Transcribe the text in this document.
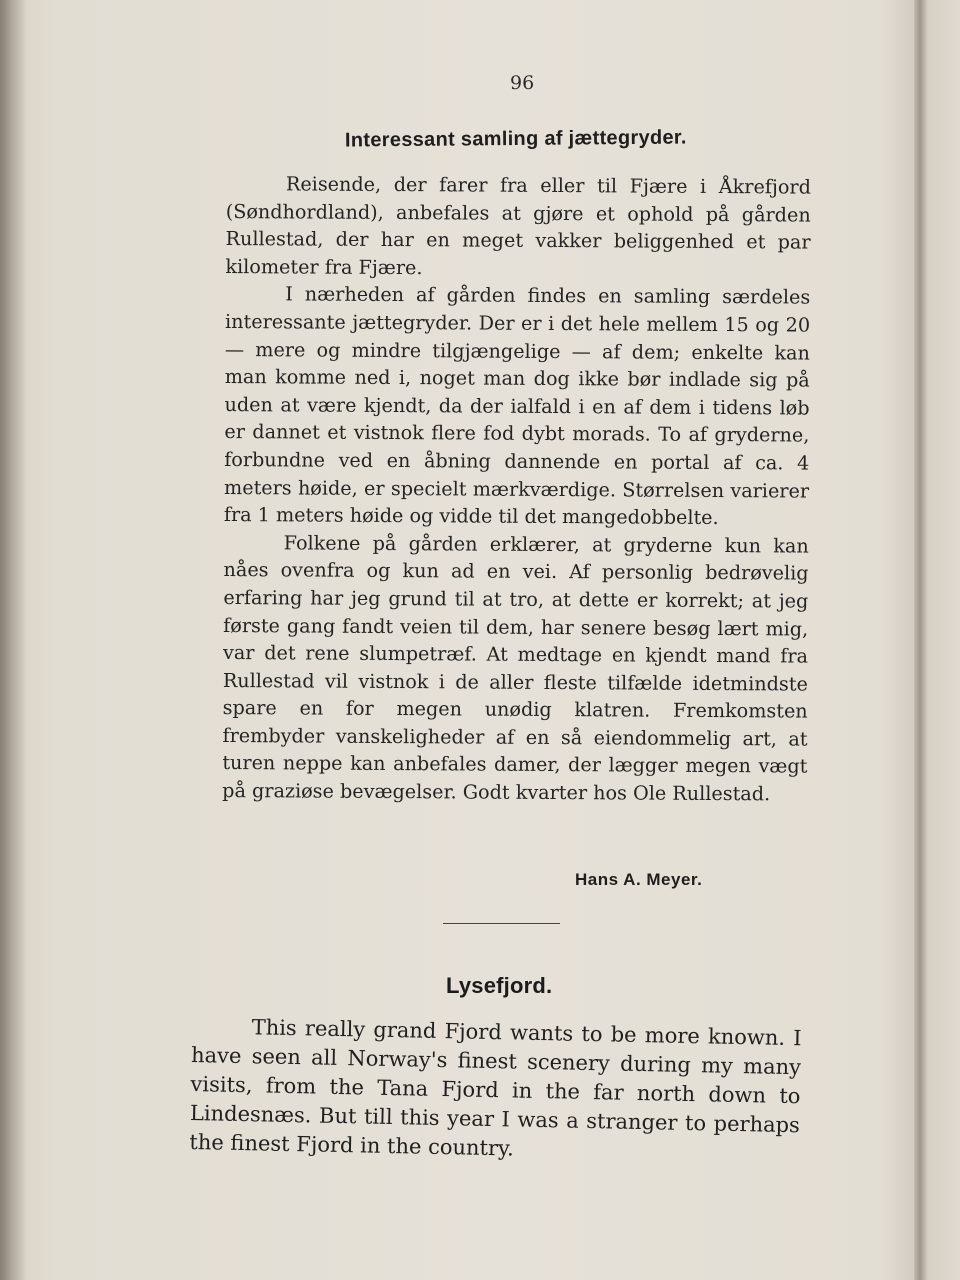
96
Interessant samling af jættegryder.

Reisende, der farer fra eller til Fjære i Åkrefjord (Søndhordland), anbefales at gjøre et ophold på gården Rullestad, der har en meget vakker beliggenhed et par kilometer fra Fjære.

I nærheden af gården findes en samling særdeles interessante jættegryder. Der er i det hele mellem 15 og 20 — mere og mindre tilgjængelige — af dem; enkelte kan man komme ned i, noget man dog ikke bør indlade sig på uden at være kjendt, da der ialfald i en af dem i tidens løb er dannet et vistnok flere fod dybt morads. To af gryderne, forbundne ved en åbning dannende en portal af ca. 4 meters høide, er specielt mærkværdige. Størrelsen varierer fra 1 meters høide og vidde til det mangedobbelte.

Folkene på gården erklærer, at gryderne kun kan nåes ovenfra og kun ad en vei. Af personlig bedrøvelig erfaring har jeg grund til at tro, at dette er korrekt; at jeg første gang fandt veien til dem, har senere besøg lært mig, var det rene slumpetræf. At medtage en kjendt mand fra Rullestad vil vistnok i de aller fleste tilfælde idetmindste spare en for megen unødig klatren. Fremkomsten frembyder vanskeligheder af en så eiendommelig art, at turen neppe kan anbefales damer, der lægger megen vægt på graziøse bevægelser. Godt kvarter hos Ole Rullestad.

Hans A. Meyer.
Lysefjord.

This really grand Fjord wants to be more known. I have seen all Norway's finest scenery during my many visits, from the Tana Fjord in the far north down to Lindesnæs. But till this year I was a stranger to perhaps the finest Fjord in the country.
